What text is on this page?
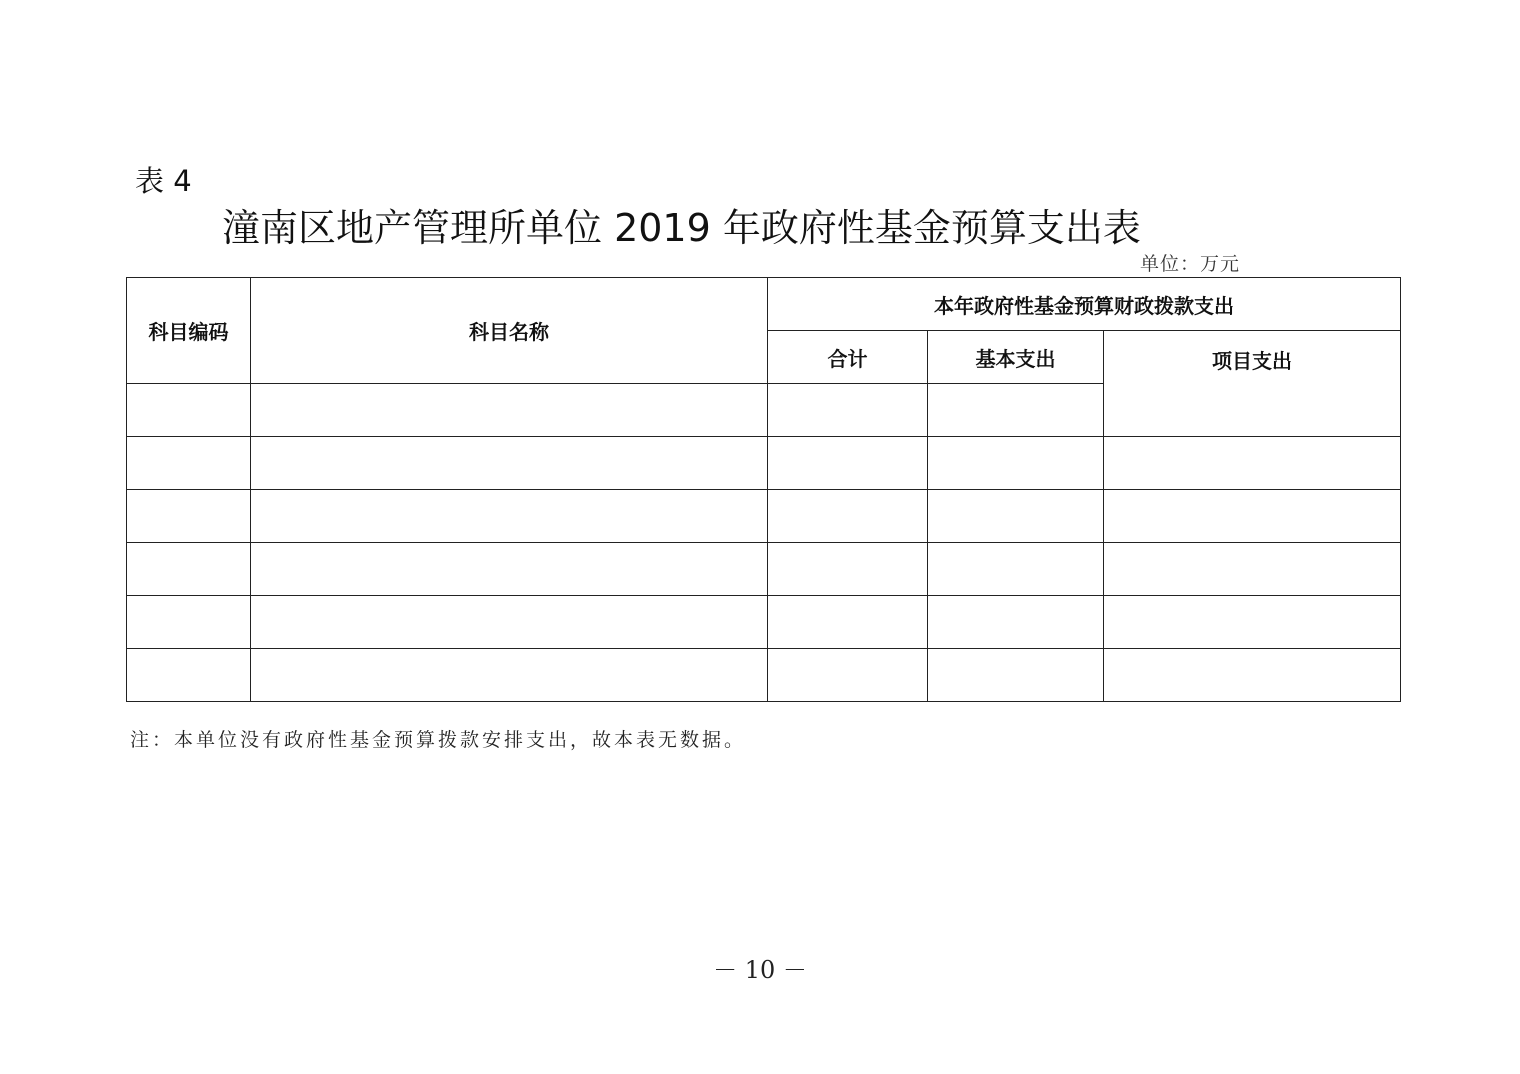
表 4
潼南区地产管理所单位 2019 年政府性基金预算支出表
单位：万元
科目编码	科目名称	本年政府性基金预算财政拨款支出		
		合计	基本支出	项目支出

注：本单位没有政府性基金预算拨款安排支出，故本表无数据。
－ 10 －
